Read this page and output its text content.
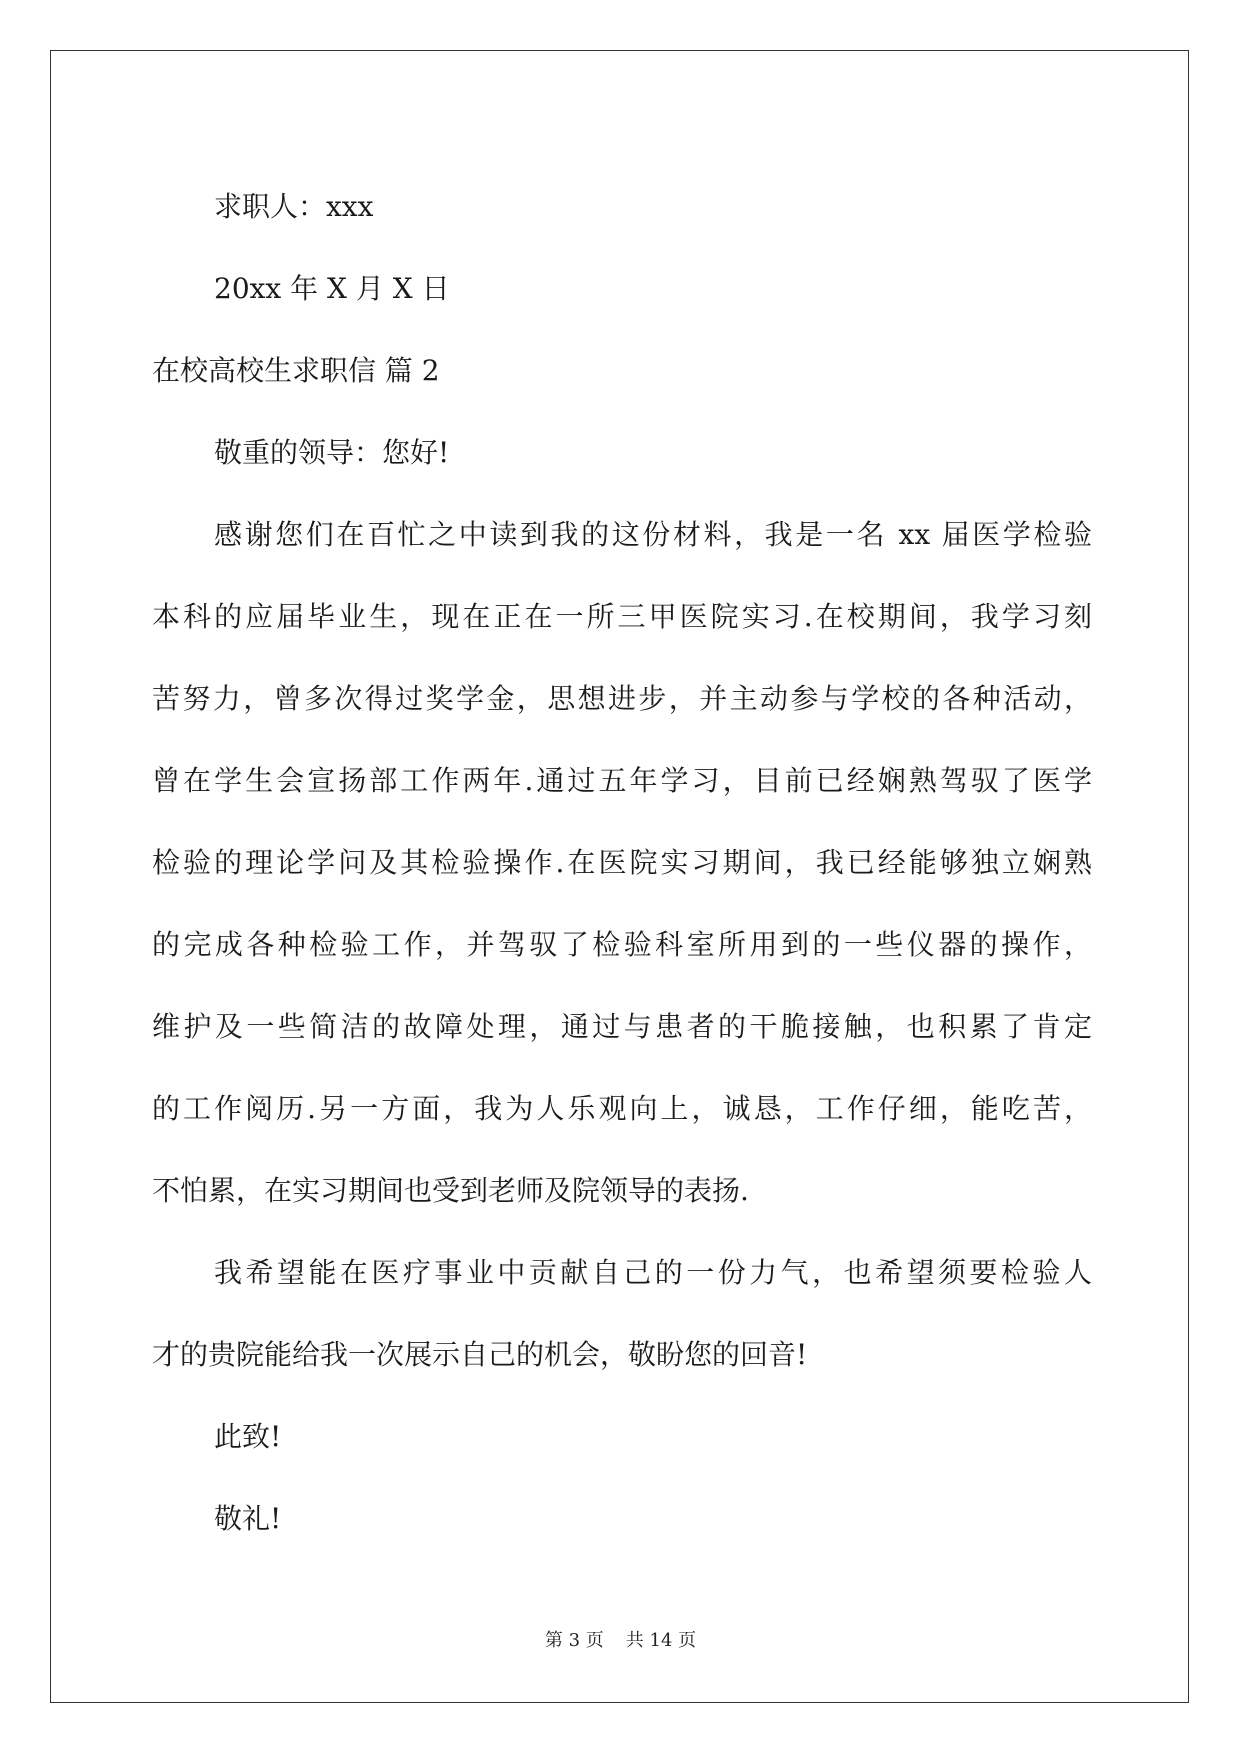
求职人：xxx

20xx 年 X 月 X 日

在校高校生求职信 篇 2

敬重的领导：您好!

感谢您们在百忙之中读到我的这份材料，我是一名 xx 届医学检验

本科的应届毕业生，现在正在一所三甲医院实习.在校期间，我学习刻

苦努力，曾多次得过奖学金，思想进步，并主动参与学校的各种活动，

曾在学生会宣扬部工作两年.通过五年学习，目前已经娴熟驾驭了医学

检验的理论学问及其检验操作.在医院实习期间，我已经能够独立娴熟

的完成各种检验工作，并驾驭了检验科室所用到的一些仪器的操作，

维护及一些简洁的故障处理，通过与患者的干脆接触，也积累了肯定

的工作阅历.另一方面，我为人乐观向上，诚恳，工作仔细，能吃苦，

不怕累，在实习期间也受到老师及院领导的表扬.

我希望能在医疗事业中贡献自己的一份力气，也希望须要检验人

才的贵院能给我一次展示自己的机会，敬盼您的回音!

此致!

敬礼!

第 3 页 共 14 页
